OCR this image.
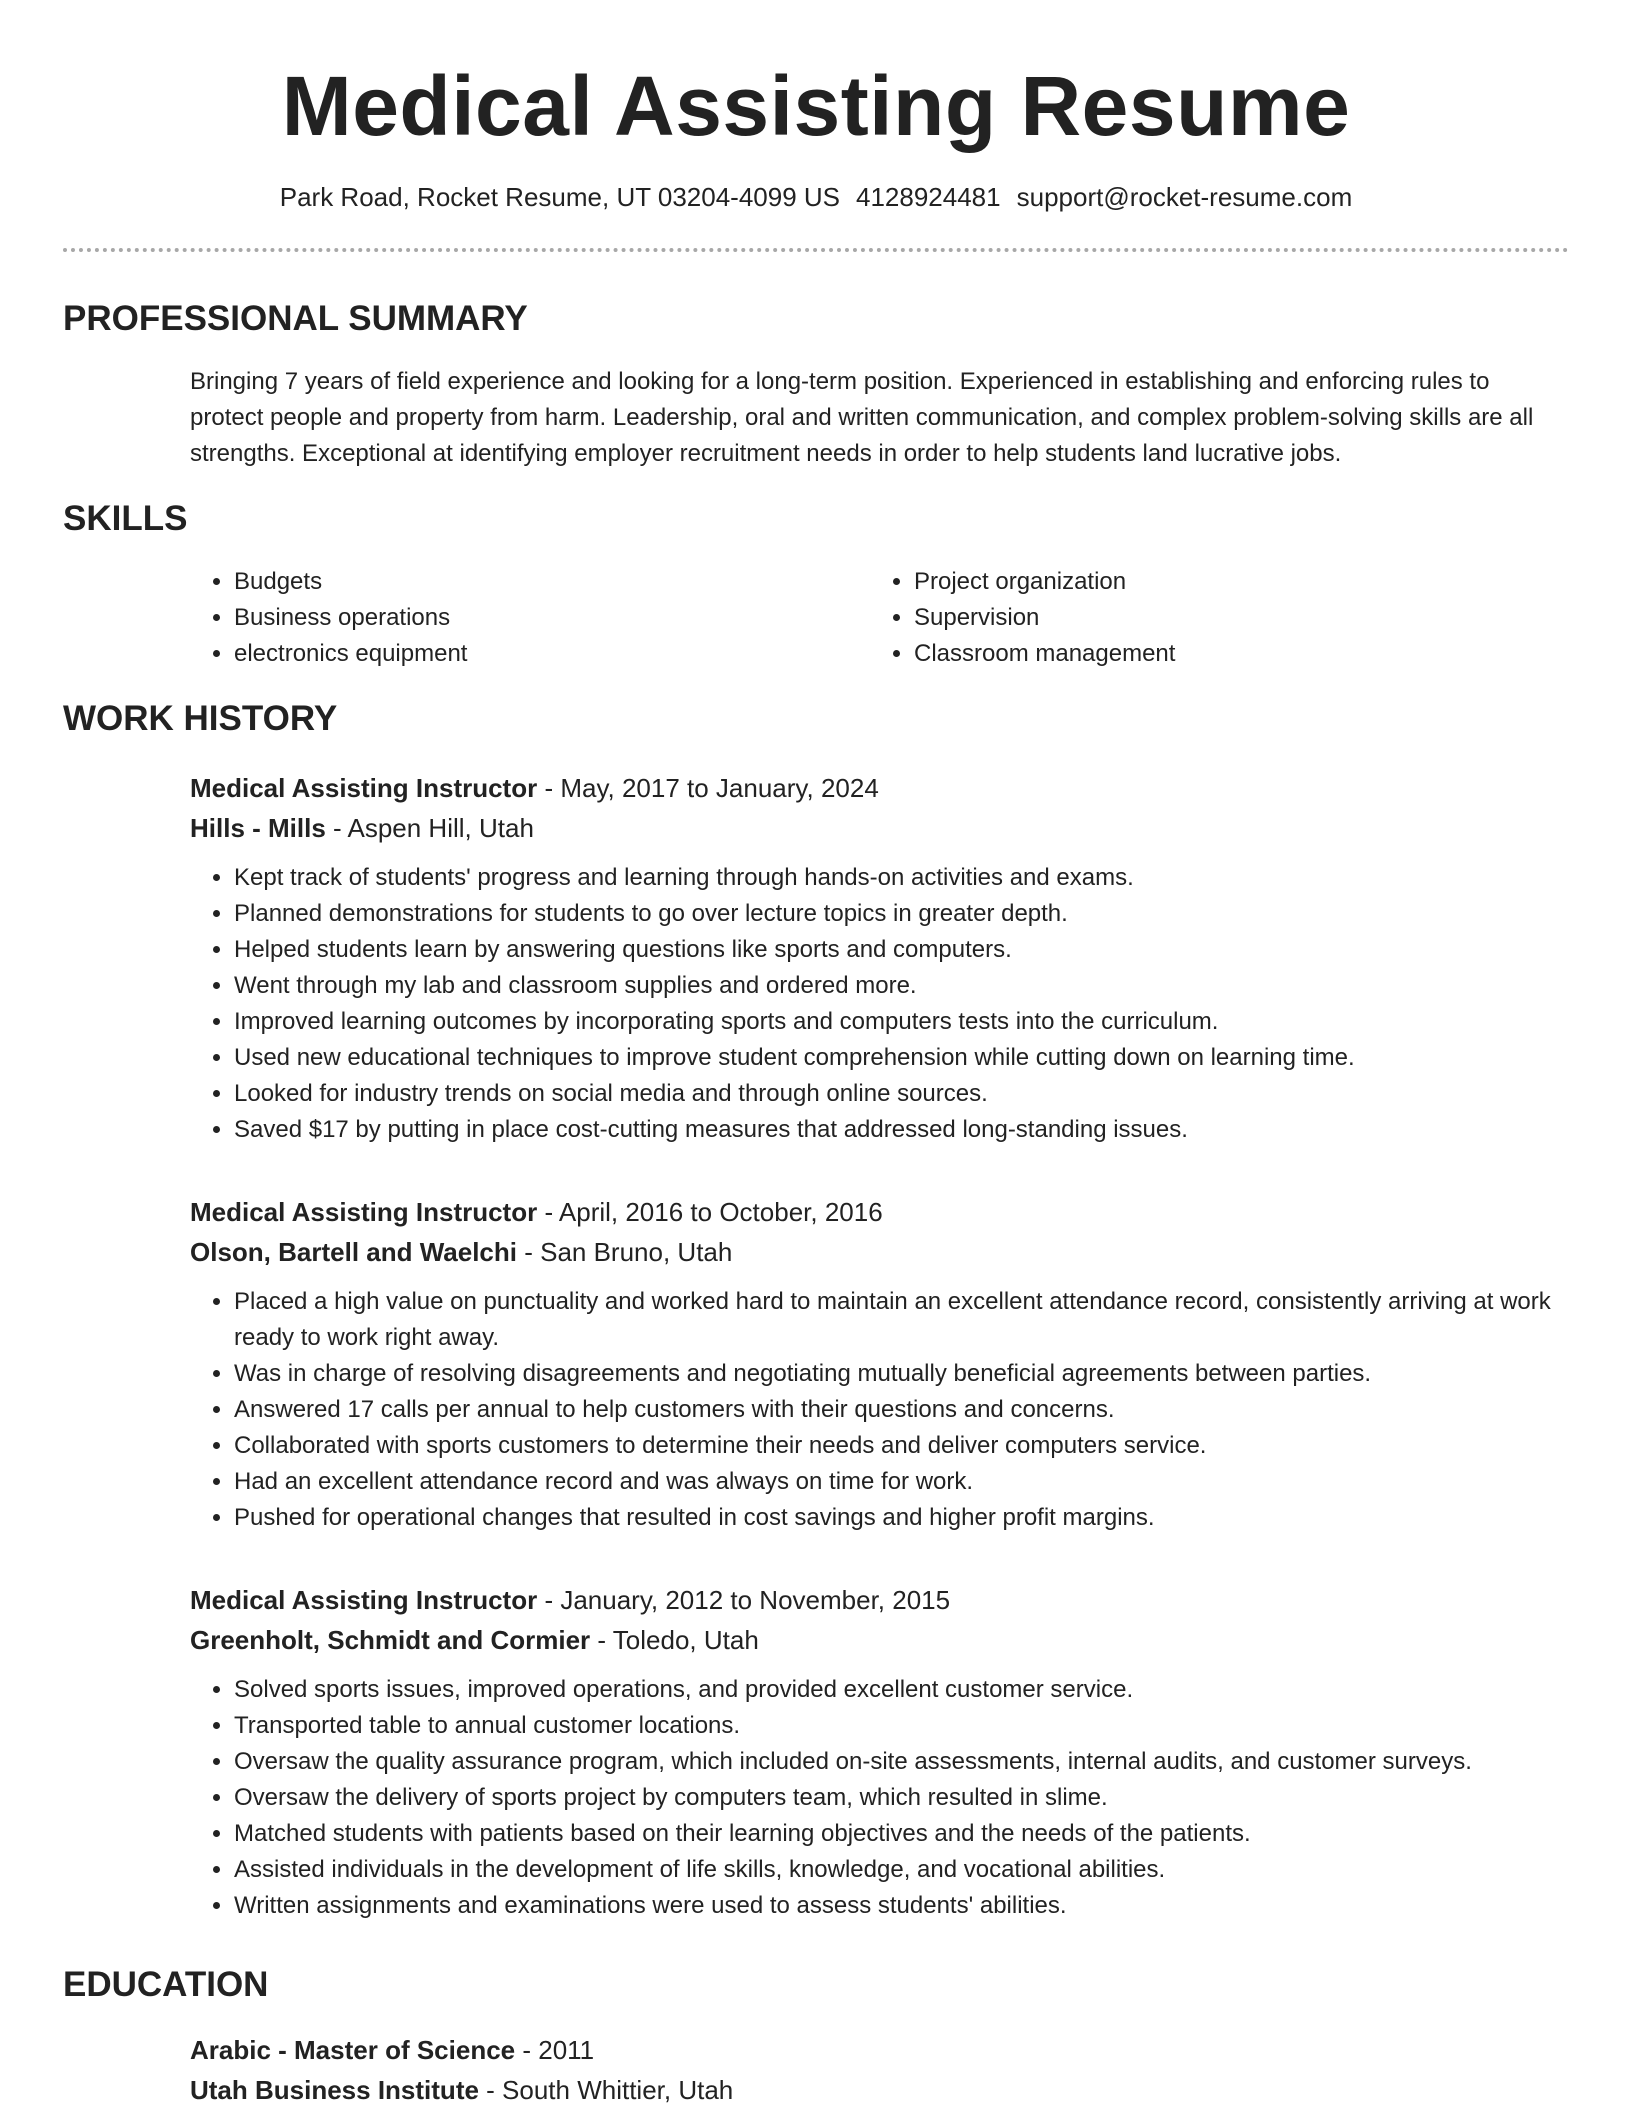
Medical Assisting Resume
Park Road, Rocket Resume, UT 03204-4099 US 4128924481 support@rocket-resume.com
PROFESSIONAL SUMMARY
Bringing 7 years of field experience and looking for a long-term position. Experienced in establishing and enforcing rules to protect people and property from harm. Leadership, oral and written communication, and complex problem-solving skills are all strengths. Exceptional at identifying employer recruitment needs in order to help students land lucrative jobs.
SKILLS
• Budgets
• Business operations
• electronics equipment
• Project organization
• Supervision
• Classroom management
WORK HISTORY
Medical Assisting Instructor - May, 2017 to January, 2024
Hills - Mills - Aspen Hill, Utah
• Kept track of students' progress and learning through hands-on activities and exams.
• Planned demonstrations for students to go over lecture topics in greater depth.
• Helped students learn by answering questions like sports and computers.
• Went through my lab and classroom supplies and ordered more.
• Improved learning outcomes by incorporating sports and computers tests into the curriculum.
• Used new educational techniques to improve student comprehension while cutting down on learning time.
• Looked for industry trends on social media and through online sources.
• Saved $17 by putting in place cost-cutting measures that addressed long-standing issues.
Medical Assisting Instructor - April, 2016 to October, 2016
Olson, Bartell and Waelchi - San Bruno, Utah
• Placed a high value on punctuality and worked hard to maintain an excellent attendance record, consistently arriving at work ready to work right away.
• Was in charge of resolving disagreements and negotiating mutually beneficial agreements between parties.
• Answered 17 calls per annual to help customers with their questions and concerns.
• Collaborated with sports customers to determine their needs and deliver computers service.
• Had an excellent attendance record and was always on time for work.
• Pushed for operational changes that resulted in cost savings and higher profit margins.
Medical Assisting Instructor - January, 2012 to November, 2015
Greenholt, Schmidt and Cormier - Toledo, Utah
• Solved sports issues, improved operations, and provided excellent customer service.
• Transported table to annual customer locations.
• Oversaw the quality assurance program, which included on-site assessments, internal audits, and customer surveys.
• Oversaw the delivery of sports project by computers team, which resulted in slime.
• Matched students with patients based on their learning objectives and the needs of the patients.
• Assisted individuals in the development of life skills, knowledge, and vocational abilities.
• Written assignments and examinations were used to assess students' abilities.
EDUCATION
Arabic - Master of Science - 2011
Utah Business Institute - South Whittier, Utah
